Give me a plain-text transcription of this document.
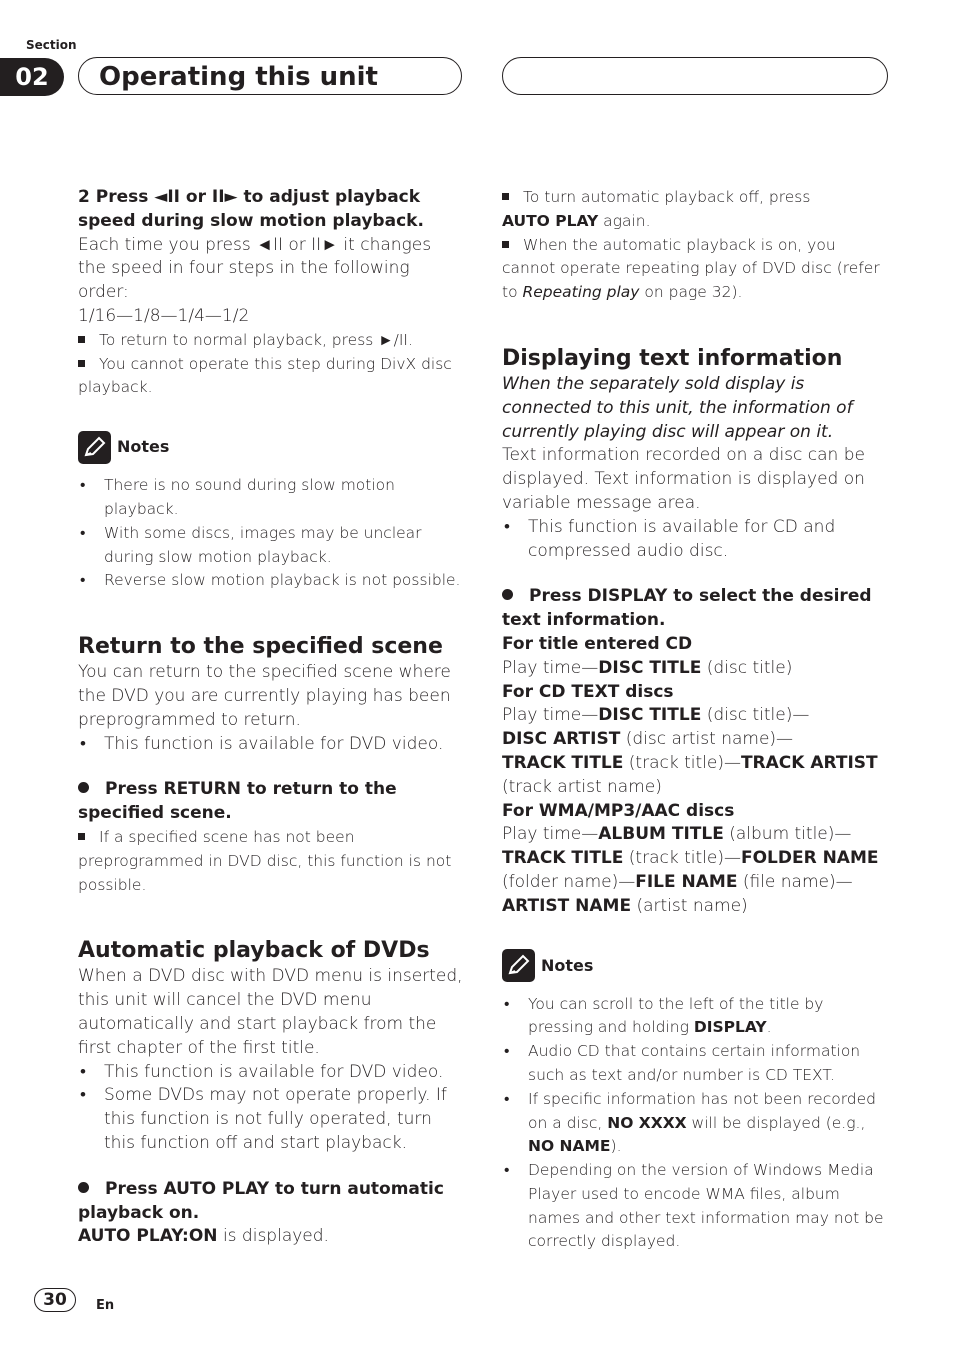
Section
02	Operating this unit

2 Press ◄II or II► to adjust playback

speed during slow motion playback.

Each time you press ◄II or II► it changes the speed in four steps in the following order:

1/16—1/8—1/4—1/2

To return to normal playback, press ►/II.

You cannot operate this step during DivX disc playback.

Notes
• There is no sound during slow motion playback.
• With some discs, images may be unclear during slow motion playback.
• Reverse slow motion playback is not possible.

Return to the specified scene

You can return to the specified scene where the DVD you are currently playing has been preprogrammed to return.

• This function is available for DVD video.

Press RETURN to return to the specified scene.

If a specified scene has not been preprogrammed in DVD disc, this function is not possible.

Automatic playback of DVDs

When a DVD disc with DVD menu is inserted, this unit will cancel the DVD menu automatically and start playback from the first chapter of the first title.

• This function is available for DVD video.
• Some DVDs may not operate properly. If this function is not fully operated, turn this function off and start playback.

Press AUTO PLAY to turn automatic playback on.

AUTO PLAY:ON is displayed.

To turn automatic playback off, press
AUTO PLAY again.

When the automatic playback is on, you cannot operate repeating play of DVD disc (refer to Repeating play on page 32).

Displaying text information

When the separately sold display is connected to this unit, the information of currently playing disc will appear on it.

Text information recorded on a disc can be displayed. Text information is displayed on variable message area.

• This function is available for CD and compressed audio disc.

Press DISPLAY to select the desired text information.

For title entered CD

Play time—DISC TITLE (disc title)

For CD TEXT discs

Play time—DISC TITLE (disc title)—

DISC ARTIST (disc artist name)—

TRACK TITLE (track title)—TRACK ARTIST

(track artist name)

For WMA/MP3/AAC discs

Play time—ALBUM TITLE (album title)—

TRACK TITLE (track title)—FOLDER NAME

(folder name)—FILE NAME (file name)—

ARTIST NAME (artist name)

Notes
• You can scroll to the left of the title by pressing and holding DISPLAY.
• Audio CD that contains certain information such as text and/or number is CD TEXT.
• If specific information has not been recorded on a disc, NO XXXX will be displayed (e.g., NO NAME).
• Depending on the version of Windows Media Player used to encode WMA files, album names and other text information may not be correctly displayed.
30	En
